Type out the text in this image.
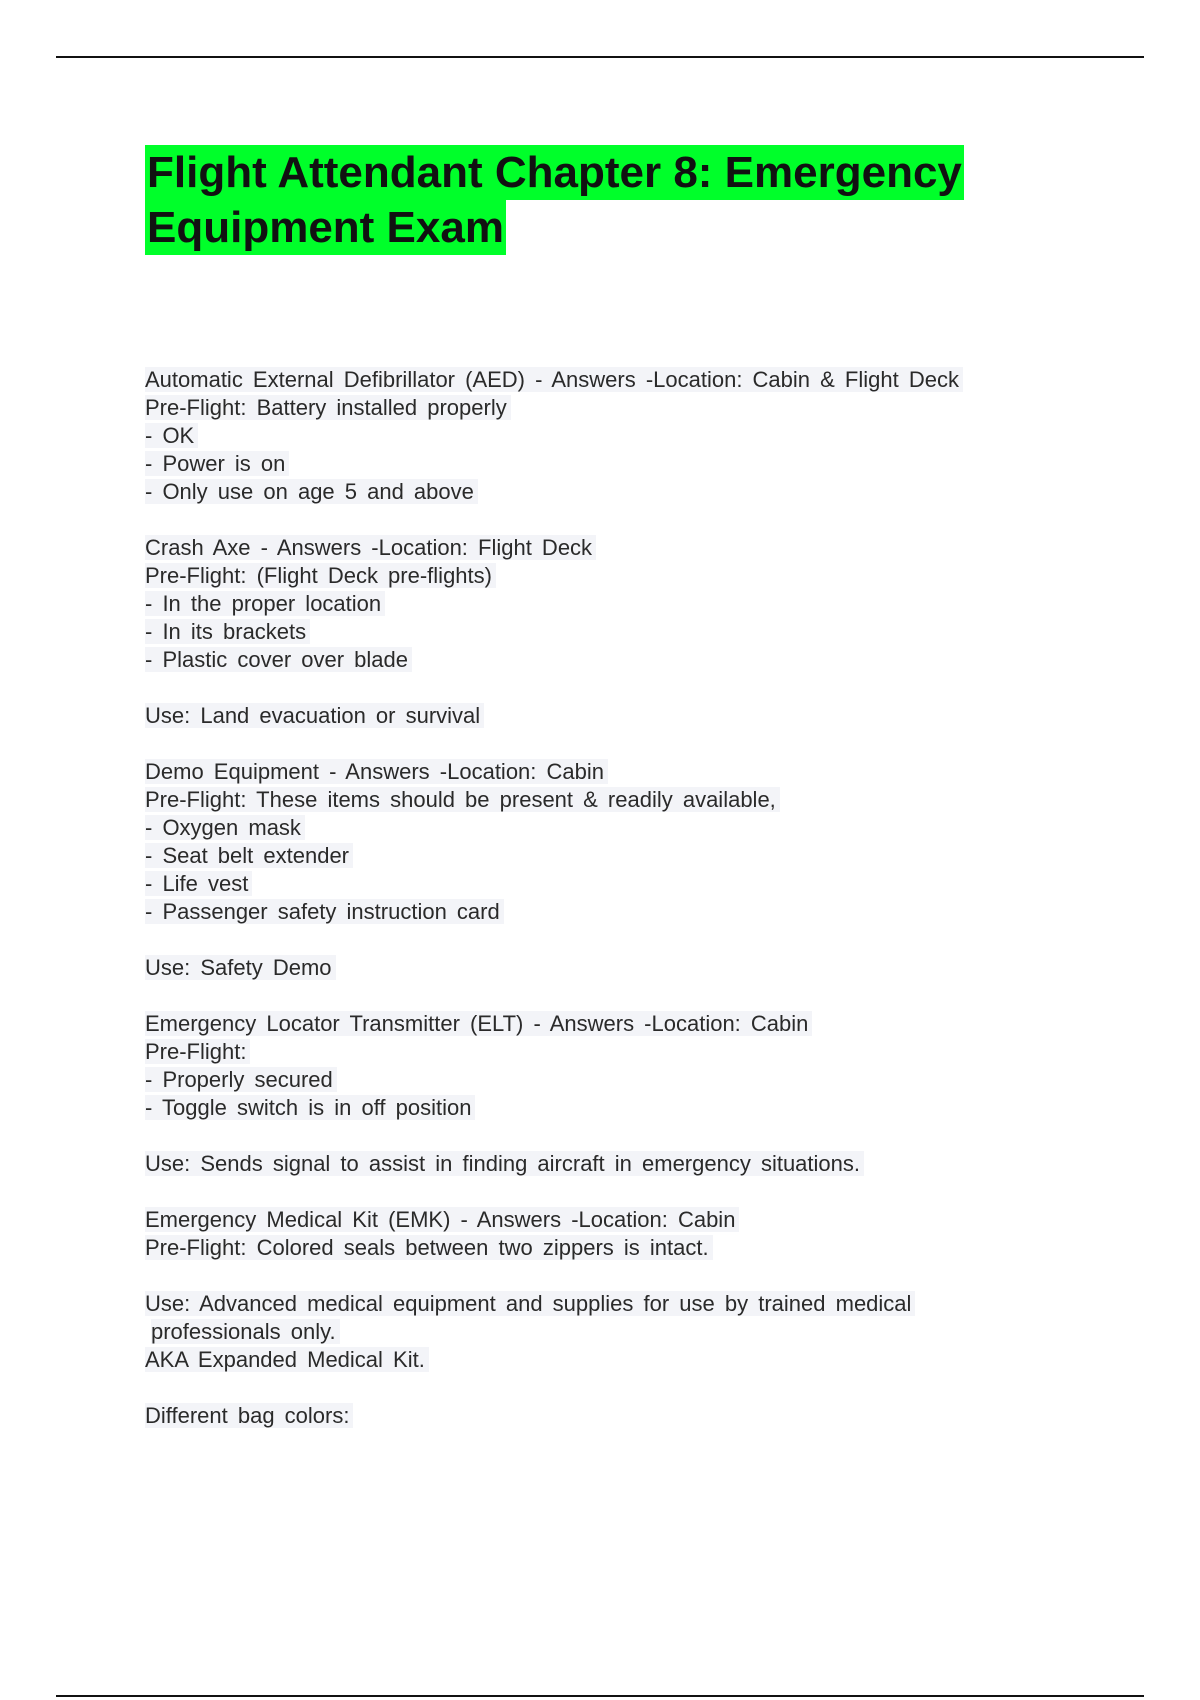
Flight Attendant Chapter 8: Emergency
Equipment Exam
Automatic External Defibrillator (AED) - Answers -Location: Cabin & Flight Deck
Pre-Flight: Battery installed properly
- OK
- Power is on
- Only use on age 5 and above
Crash Axe - Answers -Location: Flight Deck
Pre-Flight: (Flight Deck pre-flights)
- In the proper location
- In its brackets
- Plastic cover over blade
Use: Land evacuation or survival
Demo Equipment - Answers -Location: Cabin
Pre-Flight: These items should be present & readily available,
- Oxygen mask
- Seat belt extender
- Life vest
- Passenger safety instruction card
Use: Safety Demo
Emergency Locator Transmitter (ELT) - Answers -Location: Cabin
Pre-Flight:
- Properly secured
- Toggle switch is in off position
Use: Sends signal to assist in finding aircraft in emergency situations.
Emergency Medical Kit (EMK) - Answers -Location: Cabin
Pre-Flight: Colored seals between two zippers is intact.
Use: Advanced medical equipment and supplies for use by trained medical
professionals only.
AKA Expanded Medical Kit.
Different bag colors:
